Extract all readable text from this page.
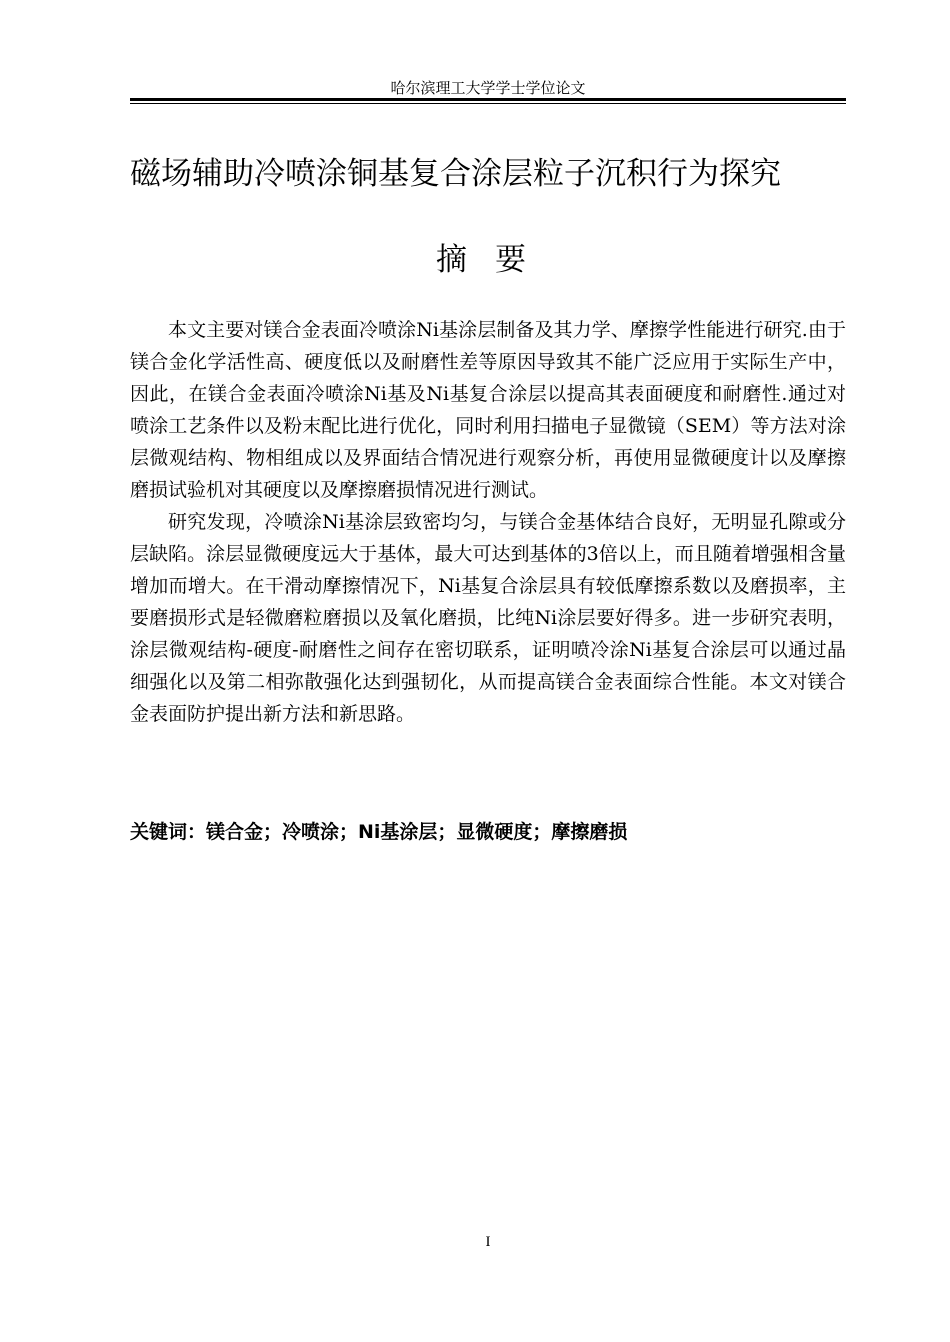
哈尔滨理工大学学士学位论文
磁场辅助冷喷涂铜基复合涂层粒子沉积行为探究
摘要

本文主要对镁合金表面冷喷涂Ni基涂层制备及其力学、摩擦学性能进行研究.由于镁合金化学活性高、硬度低以及耐磨性差等原因导致其不能广泛应用于实际生产中，因此，在镁合金表面冷喷涂Ni基及Ni基复合涂层以提高其表面硬度和耐磨性.通过对喷涂工艺条件以及粉末配比进行优化，同时利用扫描电子显微镜（SEM）等方法对涂层微观结构、物相组成以及界面结合情况进行观察分析，再使用显微硬度计以及摩擦磨损试验机对其硬度以及摩擦磨损情况进行测试。

研究发现，冷喷涂Ni基涂层致密均匀，与镁合金基体结合良好，无明显孔隙或分层缺陷。涂层显微硬度远大于基体，最大可达到基体的3倍以上，而且随着增强相含量增加而增大。在干滑动摩擦情况下，Ni基复合涂层具有较低摩擦系数以及磨损率，主要磨损形式是轻微磨粒磨损以及氧化磨损，比纯Ni涂层要好得多。进一步研究表明，涂层微观结构-硬度-耐磨性之间存在密切联系，证明喷冷涂Ni基复合涂层可以通过晶细强化以及第二相弥散强化达到强韧化，从而提高镁合金表面综合性能。本文对镁合金表面防护提出新方法和新思路。

关键词：镁合金；冷喷涂；Ni基涂层；显微硬度；摩擦磨损
I
